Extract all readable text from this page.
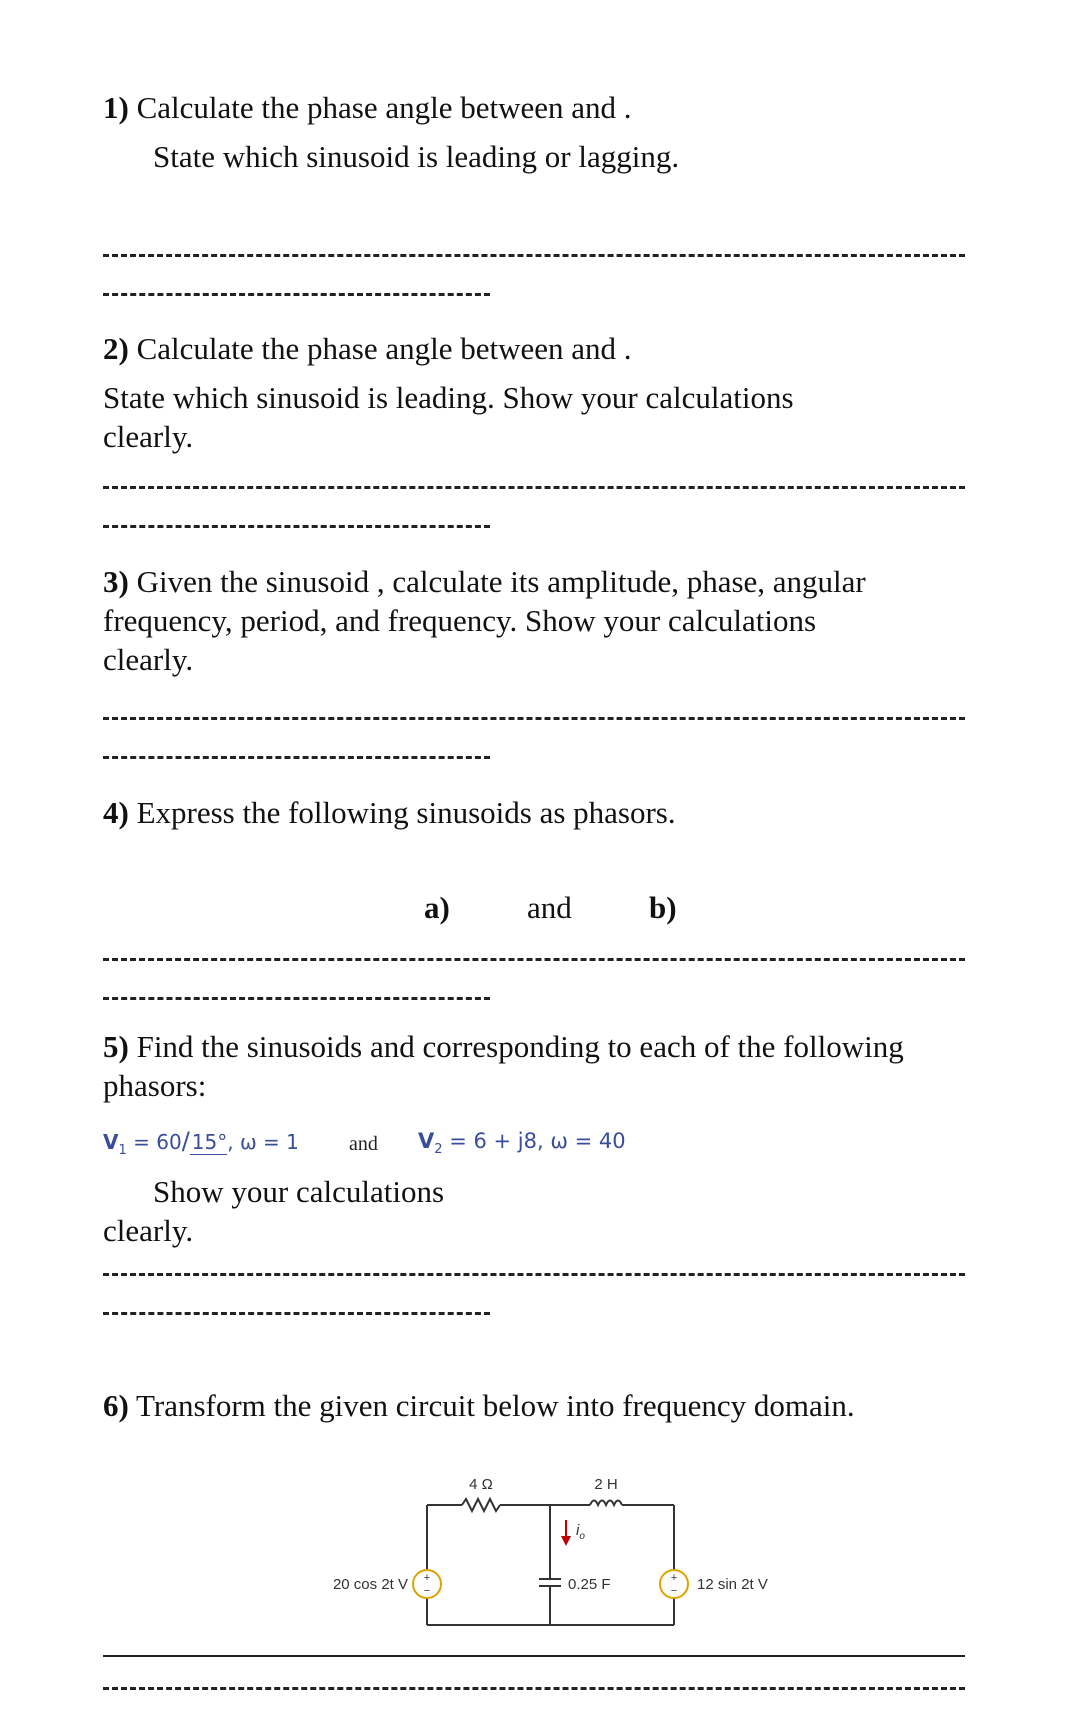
1) Calculate the phase angle between and .
State which sinusoid is leading or lagging.
2) Calculate the phase angle between and .
State which sinusoid is leading. Show your calculations
clearly.
3) Given the sinusoid , calculate its amplitude, phase, angular
frequency, period, and frequency. Show your calculations
clearly.
4) Express the following sinusoids as phasors.
a) and b)
5) Find the sinusoids and corresponding to each of the following
phasors:
$V_1 = 60/$ 15°, ω = 1	and $V_2 = 6 + j8$, ω = 40
Show your calculations
clearly.
6) Transform the given circuit below into frequency domain.
+
−
+
−
4 Ω	2 H
$i_o$
0.25 F
20 cos 2t V	12 sin 2t V
